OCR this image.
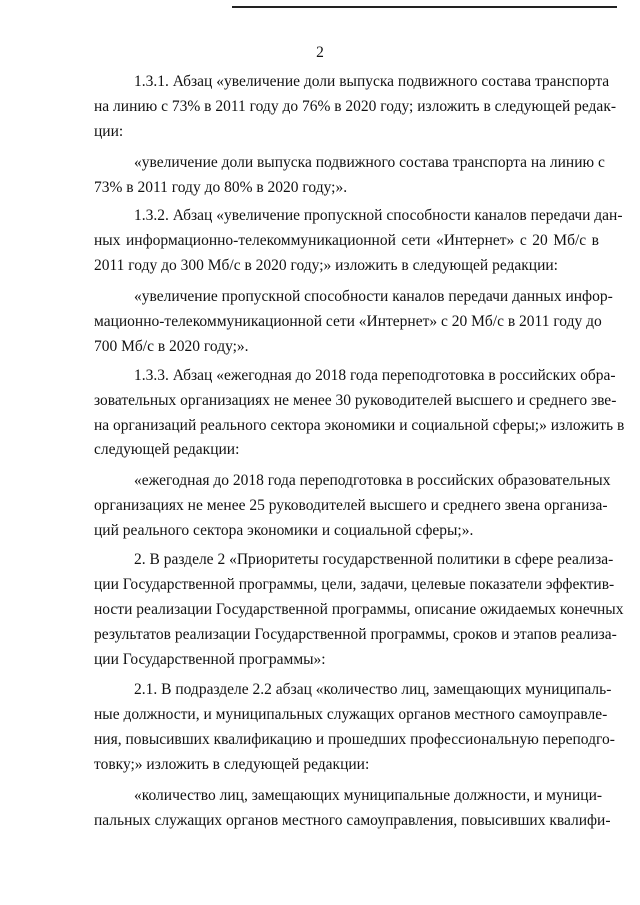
2

1.3.1. Абзац «увеличение доли выпуска подвижного состава транспорта
на линию с 73% в 2011 году до 76% в 2020 году; изложить в следующей редак-
ции:

«увеличение доли выпуска подвижного состава транспорта на линию с
73% в 2011 году до 80% в 2020 году;».

1.3.2. Абзац «увеличение пропускной способности каналов передачи дан-
ных информационно-телекоммуникационной сети «Интернет» с 20 Мб/с в
2011 году до 300 Мб/с в 2020 году;» изложить в следующей редакции:

«увеличение пропускной способности каналов передачи данных инфор-
мационно-телекоммуникационной сети «Интернет» с 20 Мб/с в 2011 году до
700 Мб/с в 2020 году;».

1.3.3. Абзац «ежегодная до 2018 года переподготовка в российских обра-
зовательных организациях не менее 30 руководителей высшего и среднего зве-
на организаций реального сектора экономики и социальной сферы;» изложить в
следующей редакции:

«ежегодная до 2018 года переподготовка в российских образовательных
организациях не менее 25 руководителей высшего и среднего звена организа-
ций реального сектора экономики и социальной сферы;».

2. В разделе 2 «Приоритеты государственной политики в сфере реализа-
ции Государственной программы, цели, задачи, целевые показатели эффектив-
ности реализации Государственной программы, описание ожидаемых конечных
результатов реализации Государственной программы, сроков и этапов реализа-
ции Государственной программы»:

2.1. В подразделе 2.2 абзац «количество лиц, замещающих муниципаль-
ные должности, и муниципальных служащих органов местного самоуправле-
ния, повысивших квалификацию и прошедших профессиональную переподго-
товку;» изложить в следующей редакции:

«количество лиц, замещающих муниципальные должности, и муници-
пальных служащих органов местного самоуправления, повысивших квалифи-
